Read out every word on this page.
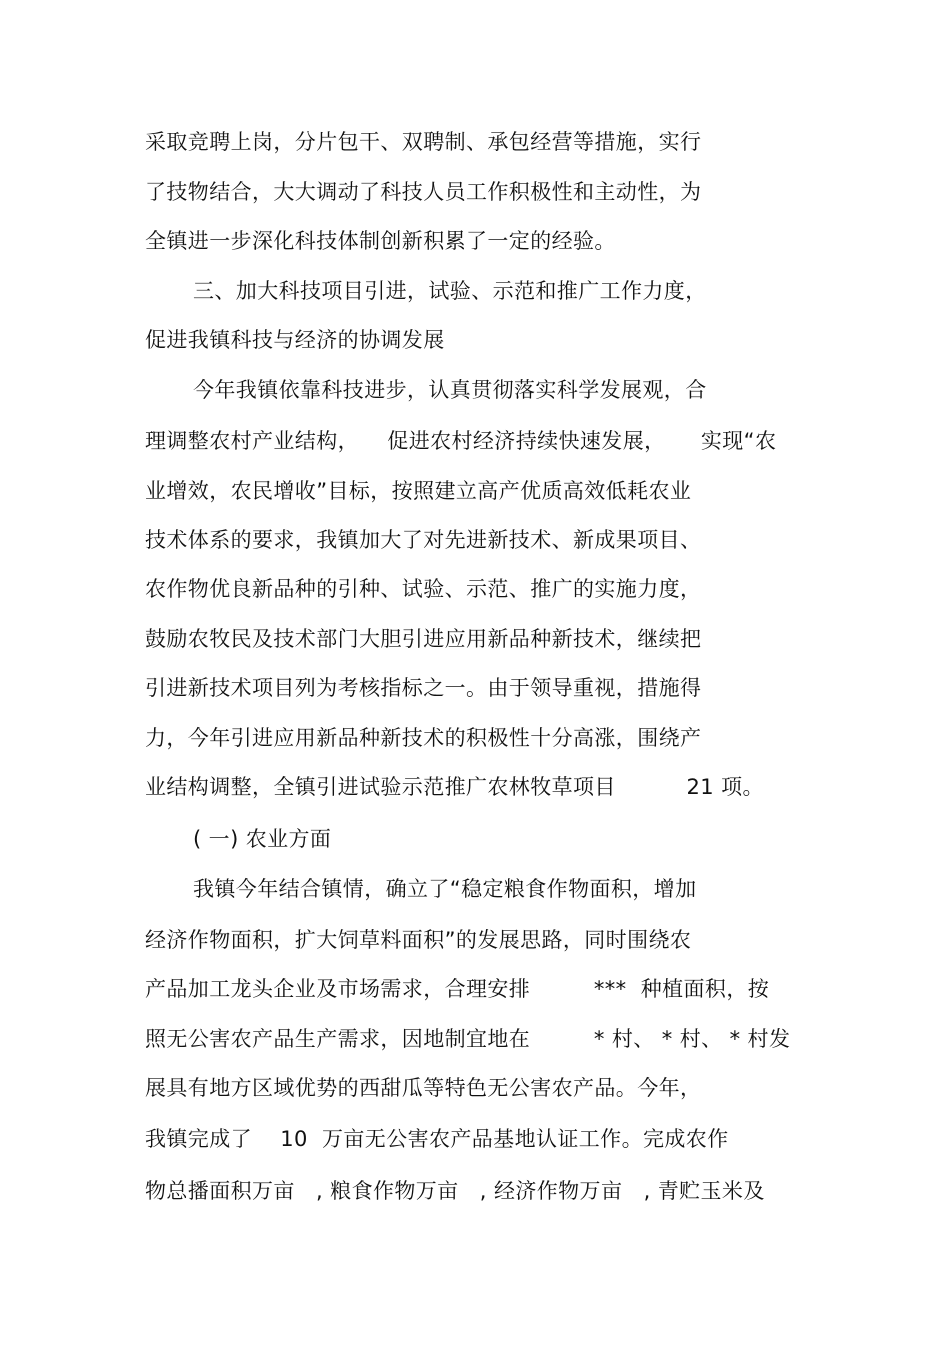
采取竞聘上岗，分片包干、双聘制、承包经营等措施，实行
了技物结合，大大调动了科技人员工作积极性和主动性，为
全镇进一步深化科技体制创新积累了一定的经验。
三、加大科技项目引进，试验、示范和推广工作力度，
促进我镇科技与经济的协调发展
今年我镇依靠科技进步，认真贯彻落实科学发展观，合
理调整农村产业结构，    促进农村经济持续快速发展，     实现“农
业增效，农民增收”目标，按照建立高产优质高效低耗农业
技术体系的要求，我镇加大了对先进新技术、新成果项目、
农作物优良新品种的引种、试验、示范、推广的实施力度，
鼓励农牧民及技术部门大胆引进应用新品种新技术，继续把
引进新技术项目列为考核指标之一。由于领导重视，措施得
力，今年引进应用新品种新技术的积极性十分高涨，围绕产
业结构调整，全镇引进试验示范推广农林牧草项目          21 项。
( 一) 农业方面
我镇今年结合镇情，确立了“稳定粮食作物面积，增加
经济作物面积，扩大饲草料面积”的发展思路，同时围绕农
产品加工龙头企业及市场需求，合理安排         ***  种植面积，按
照无公害农产品生产需求，因地制宜地在         * 村、 * 村、 * 村发
展具有地方区域优势的西甜瓜等特色无公害农产品。今年，
我镇完成了    10  万亩无公害农产品基地认证工作。完成农作
物总播面积万亩   , 粮食作物万亩   , 经济作物万亩   , 青贮玉米及
